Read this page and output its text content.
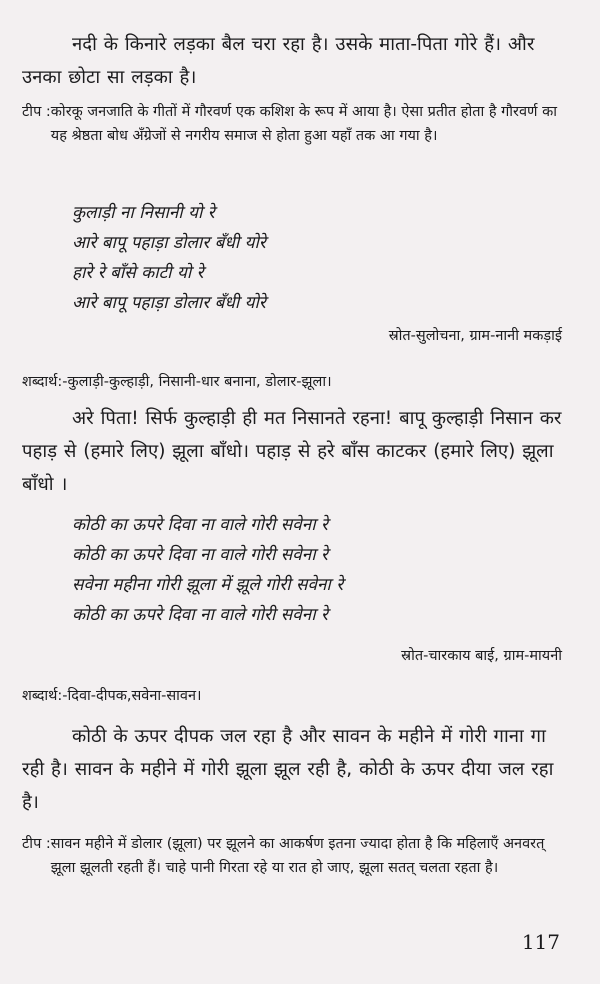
नदी के किनारे लड़का बैल चरा रहा है। उसके माता-पिता गोरे हैं। और उनका छोटा सा लड़का है।
टीप : कोरकू जनजाति के गीतों में गौरवर्ण एक कशिश के रूप में आया है। ऐसा प्रतीत होता है गौरवर्ण का यह श्रेष्ठता बोध अँग्रेजों से नगरीय समाज से होता हुआ यहाँ तक आ गया है।
कुलाड़ी ना निसानी यो रे
आरे बापू पहाड़ा डोलार बँधी योरे
हारे रे बाँसे काटी यो रे
आरे बापू पहाड़ा डोलार बँधी योरे
स्रोत-सुलोचना, ग्राम-नानी मकड़ाई
शब्दार्थ:-कुलाड़ी-कुल्हाड़ी, निसानी-धार बनाना, डोलार-झूला।
अरे पिता! सिर्फ कुल्हाड़ी ही मत निसानते रहना! बापू कुल्हाड़ी निसान कर पहाड़ से (हमारे लिए) झूला बाँधो। पहाड़ से हरे बाँस काटकर (हमारे लिए) झूला बाँधो ।
कोठी का ऊपरे दिवा ना वाले गोरी सवेना रे
कोठी का ऊपरे दिवा ना वाले गोरी सवेना रे
सवेना महीना गोरी झूला में झूले गोरी सवेना रे
कोठी का ऊपरे दिवा ना वाले गोरी सवेना रे
स्रोत-चारकाय बाई, ग्राम-मायनी
शब्दार्थ:-दिवा-दीपक,सवेना-सावन।
कोठी के ऊपर दीपक जल रहा है और सावन के महीने में गोरी गाना गा रही है। सावन के महीने में गोरी झूला झूल रही है, कोठी के ऊपर दीया जल रहा है।
टीप : सावन महीने में डोलार (झूला) पर झूलने का आकर्षण इतना ज्यादा होता है कि महिलाएँ अनवरत् झूला झूलती रहती हैं। चाहे पानी गिरता रहे या रात हो जाए, झूला सतत् चलता रहता है।
117
